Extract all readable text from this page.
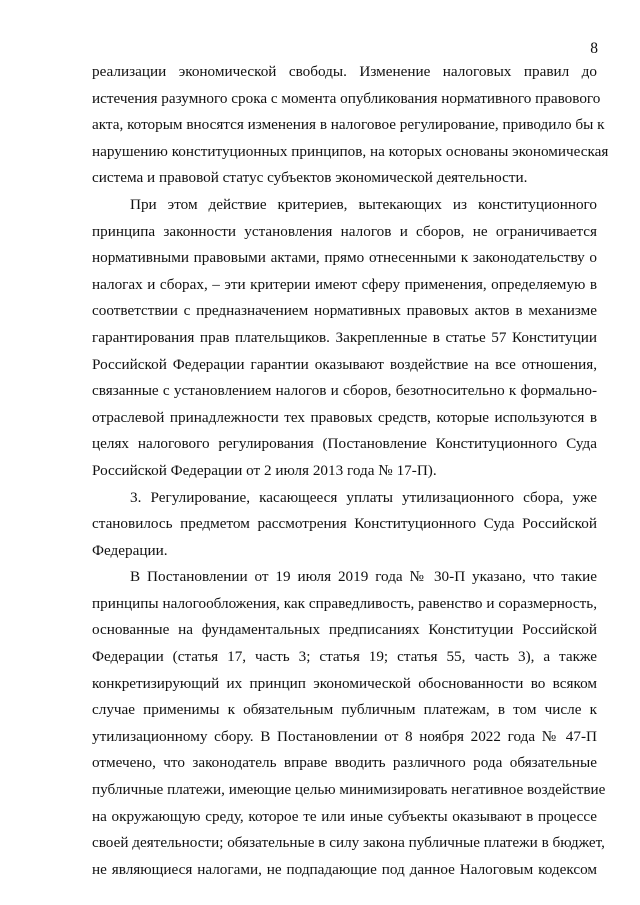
8
реализации экономической свободы. Изменение налоговых правил до
истечения разумного срока с момента опубликования нормативного правового
акта, которым вносятся изменения в налоговое регулирование, приводило бы к
нарушению конституционных принципов, на которых основаны экономическая
система и правовой статус субъектов экономической деятельности.
При этом действие критериев, вытекающих из конституционного
принципа законности установления налогов и сборов, не ограничивается
нормативными правовыми актами, прямо отнесенными к законодательству о
налогах и сборах, – эти критерии имеют сферу применения, определяемую в
соответствии с предназначением нормативных правовых актов в механизме
гарантирования прав плательщиков. Закрепленные в статье 57 Конституции
Российской Федерации гарантии оказывают воздействие на все отношения,
связанные с установлением налогов и сборов, безотносительно к формально-
отраслевой принадлежности тех правовых средств, которые используются в
целях налогового регулирования (Постановление Конституционного Суда
Российской Федерации от 2 июля 2013 года № 17-П).
3. Регулирование, касающееся уплаты утилизационного сбора, уже
становилось предметом рассмотрения Конституционного Суда Российской
Федерации.
В Постановлении от 19 июля 2019 года № 30-П указано, что такие
принципы налогообложения, как справедливость, равенство и соразмерность,
основанные на фундаментальных предписаниях Конституции Российской
Федерации (статья 17, часть 3; статья 19; статья 55, часть 3), а также
конкретизирующий их принцип экономической обоснованности во всяком
случае применимы к обязательным публичным платежам, в том числе к
утилизационному сбору. В Постановлении от 8 ноября 2022 года № 47-П
отмечено, что законодатель вправе вводить различного рода обязательные
публичные платежи, имеющие целью минимизировать негативное воздействие
на окружающую среду, которое те или иные субъекты оказывают в процессе
своей деятельности; обязательные в силу закона публичные платежи в бюджет,
не являющиеся налогами, не подпадающие под данное Налоговым кодексом
